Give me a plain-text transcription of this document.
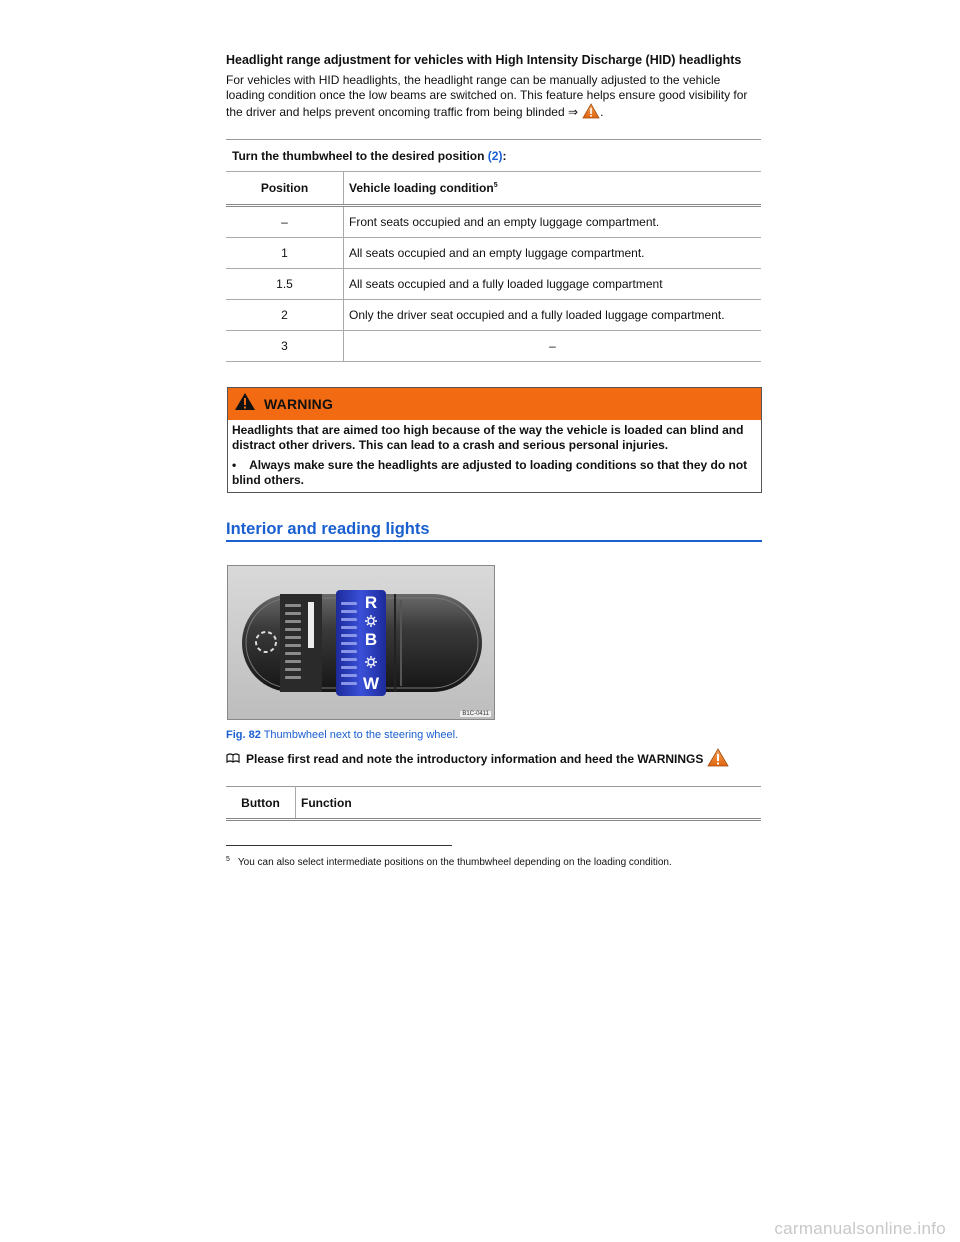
Headlight range adjustment for vehicles with High Intensity Discharge (HID) headlights
For vehicles with HID headlights, the headlight range can be manually adjusted to the vehicle loading condition once the low beams are switched on. This feature helps ensure good visibility for the driver and helps prevent oncoming traffic from being blinded ⇒ .
Turn the thumbwheel to the desired position (2):	
Position	Vehicle loading condition$^5$
–	Front seats occupied and an empty luggage compartment.
1	All seats occupied and an empty luggage compartment.
1.5	All seats occupied and a fully loaded luggage compartment
2	Only the driver seat occupied and a fully loaded luggage compartment.
3	–
WARNING

Headlights that are aimed too high because of the way the vehicle is loaded can blind and distract other drivers. This can lead to a crash and serious personal injuries.

• Always make sure the headlights are adjusted to loading conditions so that they do not blind others.

Interior and reading lights
R
B
W
B1C-0411
Fig. 82 Thumbwheel next to the steering wheel.
Please first read and note the introductory information and heed the WARNINGS
Button	Function
$^5$ You can also select intermediate positions on the thumbwheel depending on the loading condition.
carmanualsonline.info
